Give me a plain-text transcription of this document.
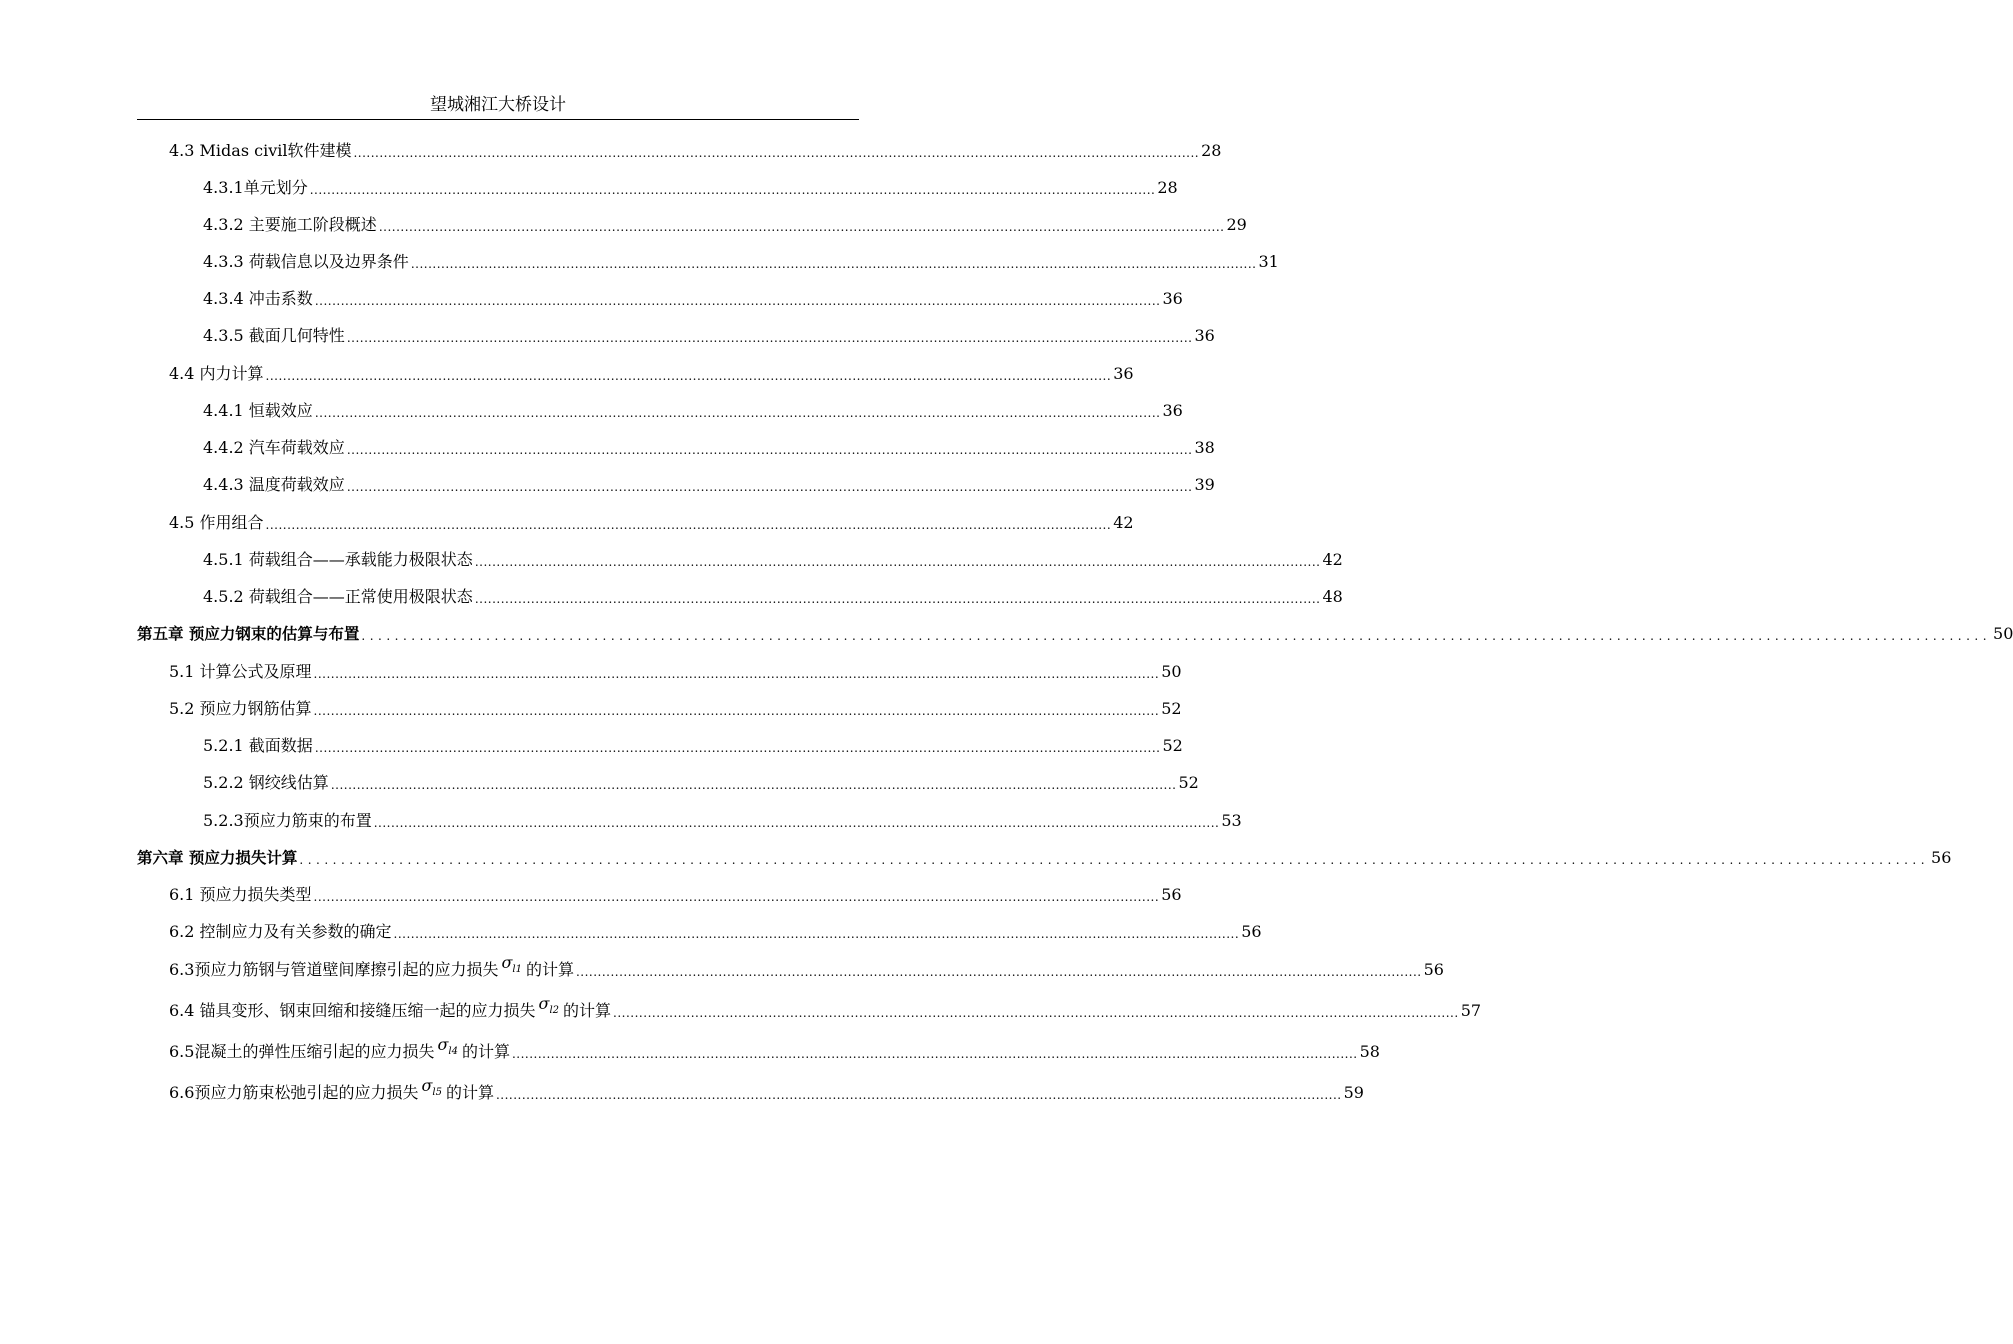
望城湘江大桥设计
4.3 Midas civil软件建模 .................................................................................................................................................................................................... 28
4.3.1单元划分 .................................................................................................................................................................................................... 28
4.3.2 主要施工阶段概述 .................................................................................................................................................................................................... 29
4.3.3 荷载信息以及边界条件 .................................................................................................................................................................................................... 31
4.3.4 冲击系数 .................................................................................................................................................................................................... 36
4.3.5 截面几何特性 .................................................................................................................................................................................................... 36
4.4 内力计算 .................................................................................................................................................................................................... 36
4.4.1 恒载效应 .................................................................................................................................................................................................... 36
4.4.2 汽车荷载效应 .................................................................................................................................................................................................... 38
4.4.3 温度荷载效应 .................................................................................................................................................................................................... 39
4.5 作用组合 .................................................................................................................................................................................................... 42
4.5.1 荷载组合——承载能力极限状态 .................................................................................................................................................................................................... 42
4.5.2 荷载组合——正常使用极限状态 .................................................................................................................................................................................................... 48
第五章 预应力钢束的估算与布置 .................................................................................................................................................................................................... 50
5.1 计算公式及原理 .................................................................................................................................................................................................... 50
5.2 预应力钢筋估算 .................................................................................................................................................................................................... 52
5.2.1 截面数据 .................................................................................................................................................................................................... 52
5.2.2 钢绞线估算 .................................................................................................................................................................................................... 52
5.2.3预应力筋束的布置 .................................................................................................................................................................................................... 53
第六章 预应力损失计算 .................................................................................................................................................................................................... 56
6.1 预应力损失类型 .................................................................................................................................................................................................... 56
6.2 控制应力及有关参数的确定 .................................................................................................................................................................................................... 56
6.3预应力筋钢与管道壁间摩擦引起的应力损失 $\sigma_{l1}$ 的计算 .................................................................................................................................................................................................... 56
6.4 锚具变形、钢束回缩和接缝压缩一起的应力损失 $\sigma_{l2}$ 的计算 .................................................................................................................................................................................................... 57
6.5混凝土的弹性压缩引起的应力损失 $\sigma_{l4}$ 的计算 .................................................................................................................................................................................................... 58
6.6预应力筋束松弛引起的应力损失 $\sigma_{l5}$ 的计算 .................................................................................................................................................................................................... 59
